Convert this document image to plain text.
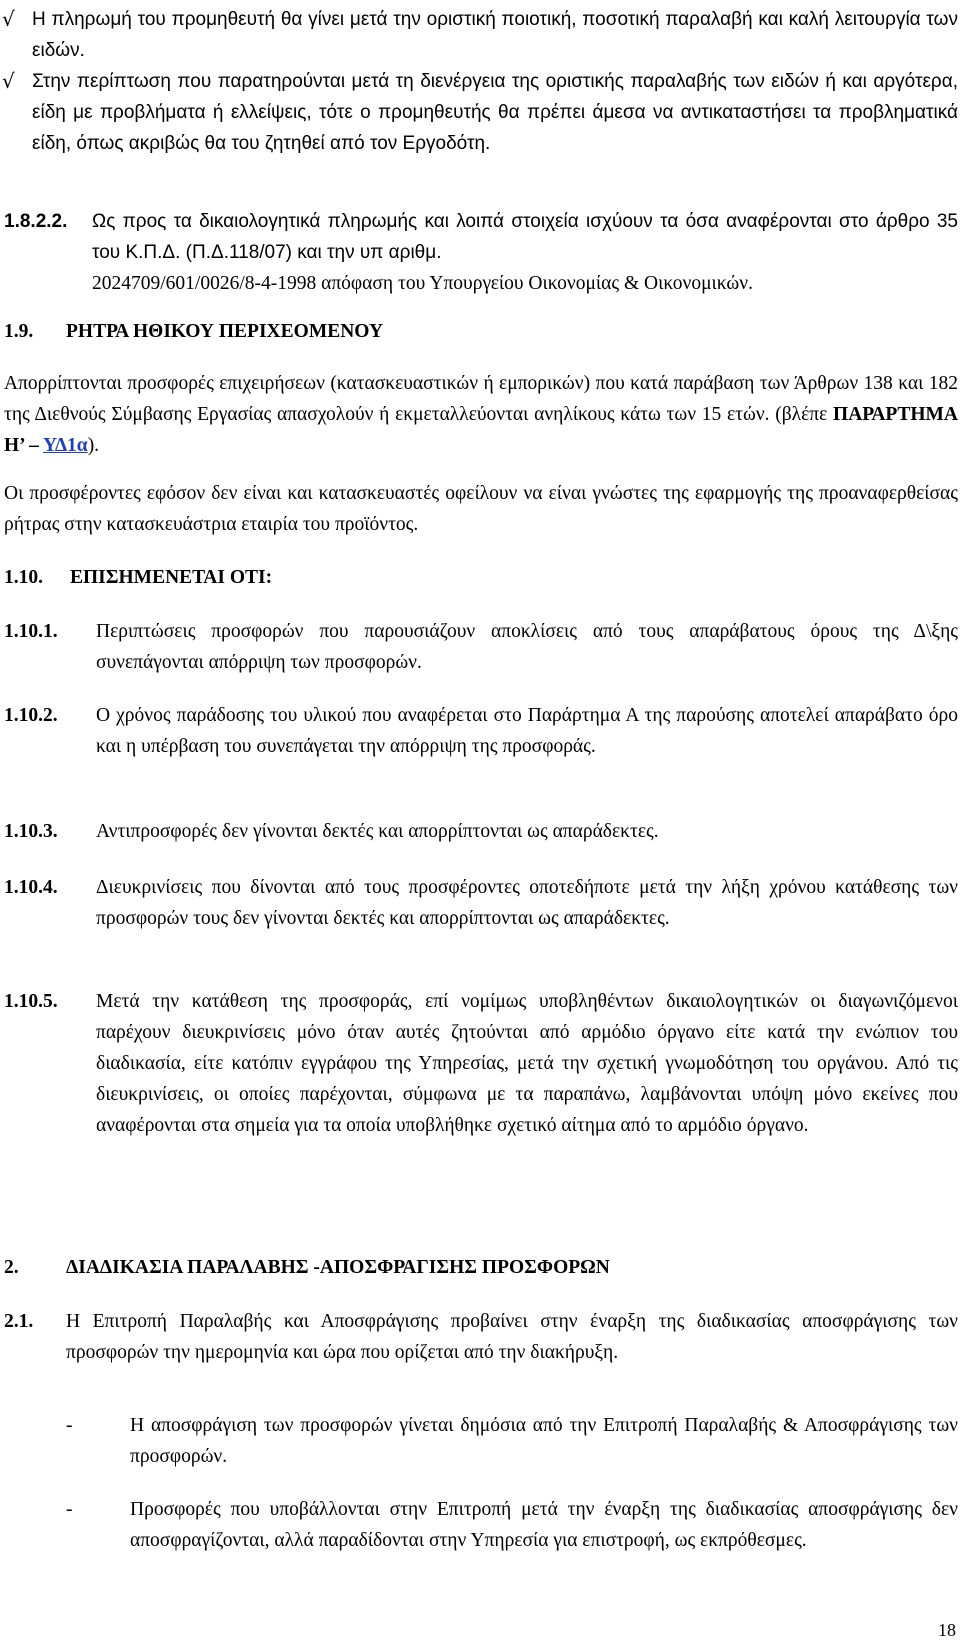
√ Η πληρωμή του προμηθευτή θα γίνει μετά την οριστική ποιοτική, ποσοτική παραλαβή και καλή λειτουργία των ειδών.
√ Στην περίπτωση που παρατηρούνται μετά τη διενέργεια της οριστικής παραλαβής των ειδών ή και αργότερα, είδη με προβλήματα ή ελλείψεις, τότε ο προμηθευτής θα πρέπει άμεσα να αντικαταστήσει τα προβληματικά είδη, όπως ακριβώς θα του ζητηθεί από τον Εργοδότη.
1.8.2.2. Ως προς τα δικαιολογητικά πληρωμής και λοιπά στοιχεία ισχύουν τα όσα αναφέρονται στο άρθρο 35 του Κ.Π.Δ. (Π.Δ.118/07) και την υπ αριθμ.
2024709/601/0026/8-4-1998 απόφαση του Υπουργείου Οικονομίας & Οικονομικών.
1.9. ΡΗΤΡΑ ΗΘΙΚΟΥ ΠΕΡΙΧΕΟΜΕΝΟΥ
Απορρίπτονται προσφορές επιχειρήσεων (κατασκευαστικών ή εμπορικών) που κατά παράβαση των Άρθρων 138 και 182 της Διεθνούς Σύμβασης Εργασίας απασχολούν ή εκμεταλλεύονται ανηλίκους κάτω των 15 ετών. (βλέπε ΠΑΡΑΡΤΗΜΑ Η’ – ΥΔ1α).
Οι προσφέροντες εφόσον δεν είναι και κατασκευαστές οφείλουν να είναι γνώστες της εφαρμογής της προαναφερθείσας ρήτρας στην κατασκευάστρια εταιρία του προϊόντος.
1.10. ΕΠΙΣΗΜΕΝΕΤΑΙ ΟΤΙ:
1.10.1. Περιπτώσεις προσφορών που παρουσιάζουν αποκλίσεις από τους απαράβατους όρους της Δ\ξης συνεπάγονται απόρριψη των προσφορών.
1.10.2. Ο χρόνος παράδοσης του υλικού που αναφέρεται στο Παράρτημα Α της παρούσης αποτελεί απαράβατο όρο και η υπέρβαση του συνεπάγεται την απόρριψη της προσφοράς.
1.10.3. Αντιπροσφορές δεν γίνονται δεκτές και απορρίπτονται ως απαράδεκτες.
1.10.4. Διευκρινίσεις που δίνονται από τους προσφέροντες οποτεδήποτε μετά την λήξη χρόνου κατάθεσης των προσφορών τους δεν γίνονται δεκτές και απορρίπτονται ως απαράδεκτες.
1.10.5. Μετά την κατάθεση της προσφοράς, επί νομίμως υποβληθέντων δικαιολογητικών οι διαγωνιζόμενοι παρέχουν διευκρινίσεις μόνο όταν αυτές ζητούνται από αρμόδιο όργανο είτε κατά την ενώπιον του διαδικασία, είτε κατόπιν εγγράφου της Υπηρεσίας, μετά την σχετική γνωμοδότηση του οργάνου. Από τις διευκρινίσεις, οι οποίες παρέχονται, σύμφωνα με τα παραπάνω, λαμβάνονται υπόψη μόνο εκείνες που αναφέρονται στα σημεία για τα οποία υποβλήθηκε σχετικό αίτημα από το αρμόδιο όργανο.
2. ΔΙΑΔΙΚΑΣΙΑ ΠΑΡΑΛΑΒΗΣ -ΑΠΟΣΦΡΑΓΙΣΗΣ ΠΡΟΣΦΟΡΩΝ
2.1. Η Επιτροπή Παραλαβής και Αποσφράγισης προβαίνει στην έναρξη της διαδικασίας αποσφράγισης των προσφορών την ημερομηνία και ώρα που ορίζεται από την διακήρυξη.
-	Η αποσφράγιση των προσφορών γίνεται δημόσια από την Επιτροπή Παραλαβής & Αποσφράγισης των προσφορών.
-	Προσφορές που υποβάλλονται στην Επιτροπή μετά την έναρξη της διαδικασίας αποσφράγισης δεν αποσφραγίζονται, αλλά παραδίδονται στην Υπηρεσία για επιστροφή, ως εκπρόθεσμες.
18
